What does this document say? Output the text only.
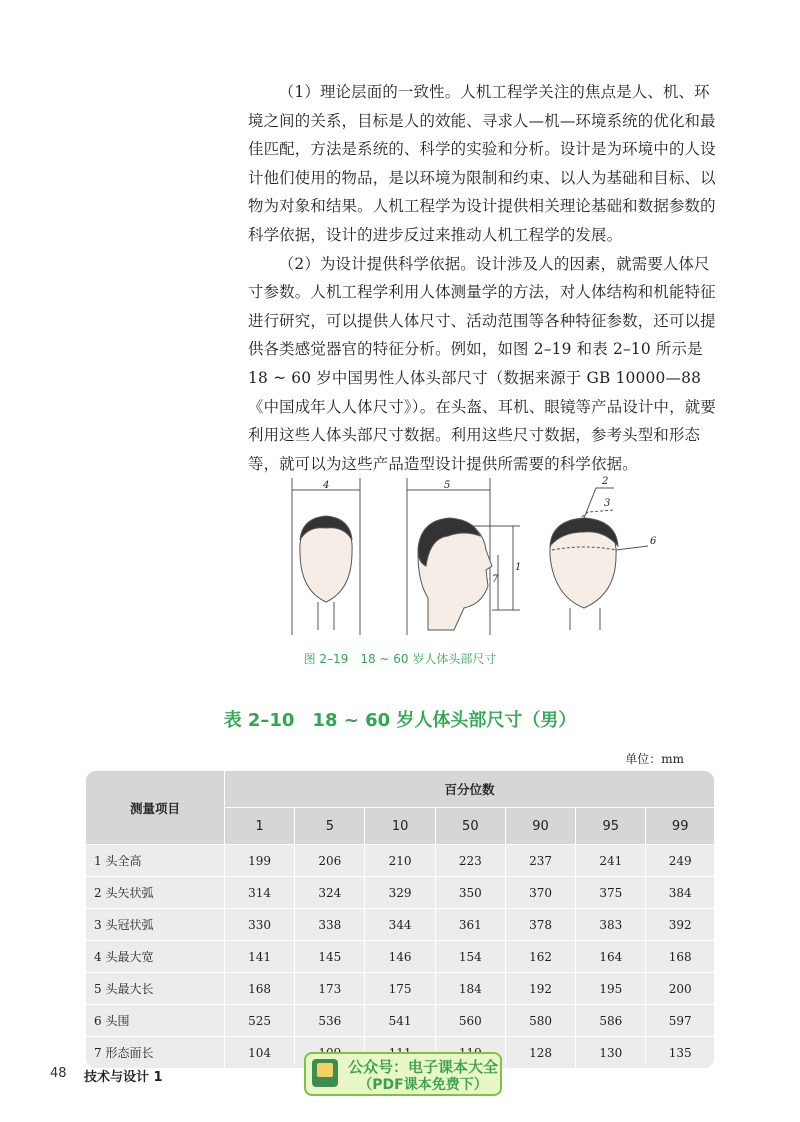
（1）理论层面的一致性。人机工程学关注的焦点是人、机、环境之间的关系，目标是人的效能、寻求人—机—环境系统的优化和最佳匹配，方法是系统的、科学的实验和分析。设计是为环境中的人设计他们使用的物品，是以环境为限制和约束、以人为基础和目标、以物为对象和结果。人机工程学为设计提供相关理论基础和数据参数的科学依据，设计的进步反过来推动人机工程学的发展。

（2）为设计提供科学依据。设计涉及人的因素，就需要人体尺寸参数。人机工程学利用人体测量学的方法，对人体结构和机能特征进行研究，可以提供人体尺寸、活动范围等各种特征参数，还可以提供各类感觉器官的特征分析。例如，如图 2–19 和表 2–10 所示是 18 ~ 60 岁中国男性人体头部尺寸（数据来源于 GB 10000—88《中国成年人人体尺寸》）。在头盔、耳机、眼镜等产品设计中，就要利用这些人体头部尺寸数据。利用这些尺寸数据，参考头型和形态等，就可以为这些产品造型设计提供所需要的科学依据。

4	5
7
1
2
3
6
图 2–19　18 ~ 60 岁人体头部尺寸
表 2–10　18 ~ 60 岁人体头部尺寸（男）
单位：mm
测量项目	百分位数						
	1	5	10	50	90	95	99
1 头全高	199	206	210	223	237	241	249
2 头矢状弧	314	324	329	350	370	375	384
3 头冠状弧	330	338	344	361	378	383	392
4 头最大宽	141	145	146	154	162	164	168
5 头最大长	168	173	175	184	192	195	200
6 头围	525	536	541	560	580	586	597
7 形态面长	104				128	130	135
48 技术与设计 1
公众号：电子课本大全
（PDF课本免费下）
